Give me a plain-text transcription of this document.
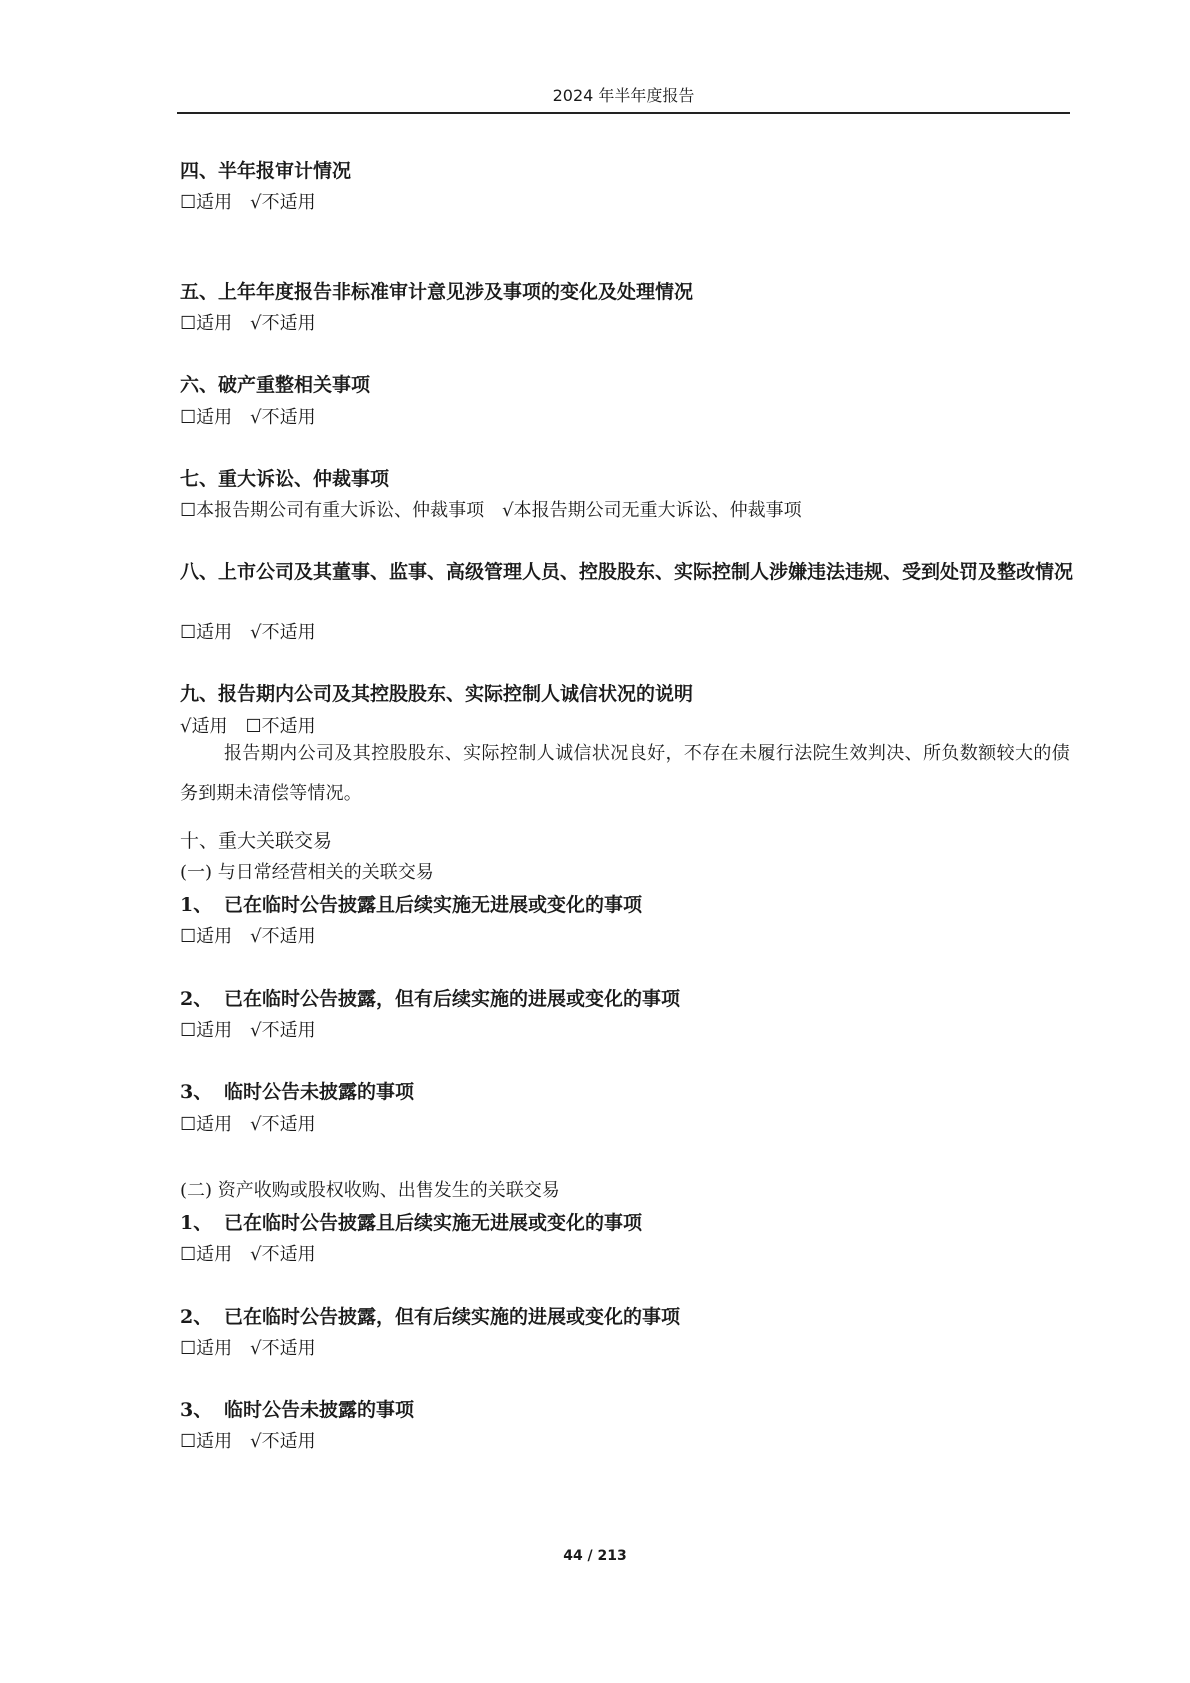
2024 年半年度报告
四、半年报审计情况
☐适用 √不适用
五、上年年度报告非标准审计意见涉及事项的变化及处理情况
☐适用 √不适用
六、破产重整相关事项
☐适用 √不适用
七、重大诉讼、仲裁事项
☐本报告期公司有重大诉讼、仲裁事项 √本报告期公司无重大诉讼、仲裁事项
八、上市公司及其董事、监事、高级管理人员、控股股东、实际控制人涉嫌违法违规、受到处罚及整改情况
☐适用 √不适用
九、报告期内公司及其控股股东、实际控制人诚信状况的说明
√适用 ☐不适用
报告期内公司及其控股股东、实际控制人诚信状况良好，不存在未履行法院生效判决、所负数额较大的债务到期未清偿等情况。
十、重大关联交易
(一) 与日常经营相关的关联交易
1、 已在临时公告披露且后续实施无进展或变化的事项
☐适用 √不适用
2、 已在临时公告披露，但有后续实施的进展或变化的事项
☐适用 √不适用
3、 临时公告未披露的事项
☐适用 √不适用
(二) 资产收购或股权收购、出售发生的关联交易
1、 已在临时公告披露且后续实施无进展或变化的事项
☐适用 √不适用
2、 已在临时公告披露，但有后续实施的进展或变化的事项
☐适用 √不适用
3、 临时公告未披露的事项
☐适用 √不适用
44 / 213
